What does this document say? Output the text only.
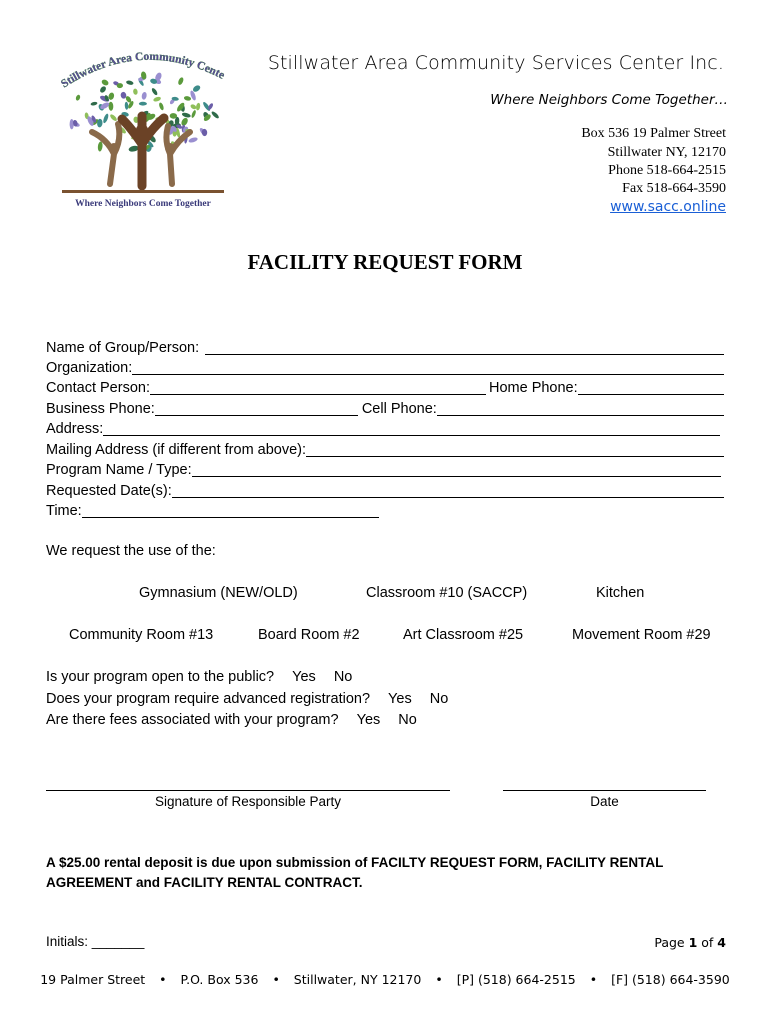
Stillwater Area Community Cente
Where Neighbors Come Together
Stillwater Area Community Services Center Inc.
Where Neighbors Come Together…
Box 536 19 Palmer Street
Stillwater NY, 12170
Phone 518-664-2515
Fax 518-664-3590
www.sacc.online
FACILITY REQUEST FORM
Name of Group/Person:
Organization:
Contact Person:	Home Phone:
Business Phone:	Cell Phone:
Address:
Mailing Address (if different from above):
Program Name / Type:
Requested Date(s):
Time:
We request the use of the:
Gymnasium (NEW/OLD)	Classroom #10 (SACCP)	Kitchen
Community Room #13	Board Room #2	Art Classroom #25	Movement Room #29
Is your program open to the public? Yes No
Does your program require advanced registration? Yes No
Are there fees associated with your program? Yes No
Signature of Responsible Party	Date
A $25.00 rental deposit is due upon submission of FACILTY REQUEST FORM, FACILITY RENTAL AGREEMENT and FACILITY RENTAL CONTRACT.
Initials: _______	Page 1 of 4
19 Palmer Street • P.O. Box 536 • Stillwater, NY 12170 • [P] (518) 664-2515 • [F] (518) 664-3590
